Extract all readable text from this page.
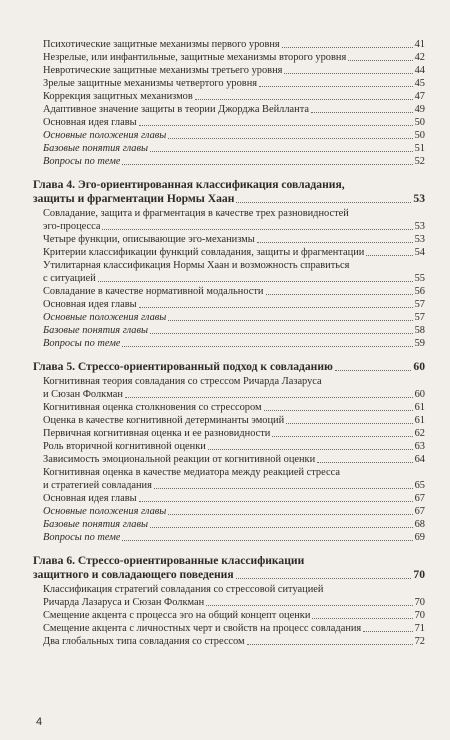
Психотические защитные механизмы первого уровня	41
Незрелые, или инфантильные, защитные механизмы второго уровня	42
Невротические защитные механизмы третьего уровня	44
Зрелые защитные механизмы четвертого уровня	45
Коррекция защитных механизмов	47
Адаптивное значение защиты в теории Джорджа Вейлланта	49
Основная идея главы	50
Основные положения главы	50
Базовые понятия главы	51
Вопросы по теме	52
Глава 4. Эго-ориентированная классификация совладания,
защиты и фрагментации Нормы Хаан	53
Совладание, защита и фрагментация в качестве трех разновидностей
эго-процесса	53
Четыре функции, описывающие эго-механизмы	53
Критерии классификации функций совладания, защиты и фрагментации	54
Утилитарная классификация Нормы Хаан и возможность справиться
с ситуацией	55
Совладание в качестве нормативной модальности	56
Основная идея главы	57
Основные положения главы	57
Базовые понятия главы	58
Вопросы по теме	59
Глава 5. Стрессо-ориентированный подход к совладанию	60
Когнитивная теория совладания со стрессом Ричарда Лазаруса
и Сюзан Фолкман	60
Когнитивная оценка столкновения со стрессором	61
Оценка в качестве когнитивной детерминанты эмоций	61
Первичная когнитивная оценка и ее разновидности	62
Роль вторичной когнитивной оценки	63
Зависимость эмоциональной реакции от когнитивной оценки	64
Когнитивная оценка в качестве медиатора между реакцией стресса
и стратегией совладания	65
Основная идея главы	67
Основные положения главы	67
Базовые понятия главы	68
Вопросы по теме	69
Глава 6. Стрессо-ориентированные классификации
защитного и совладающего поведения	70
Классификация стратегий совладания со стрессовой ситуацией
Ричарда Лазаруса и Сюзан Фолкман	70
Смещение акцента с процесса эго на общий концепт оценки	70
Смещение акцента с личностных черт и свойств на процесс совладания	71
Два глобальных типа совладания со стрессом	72
4
